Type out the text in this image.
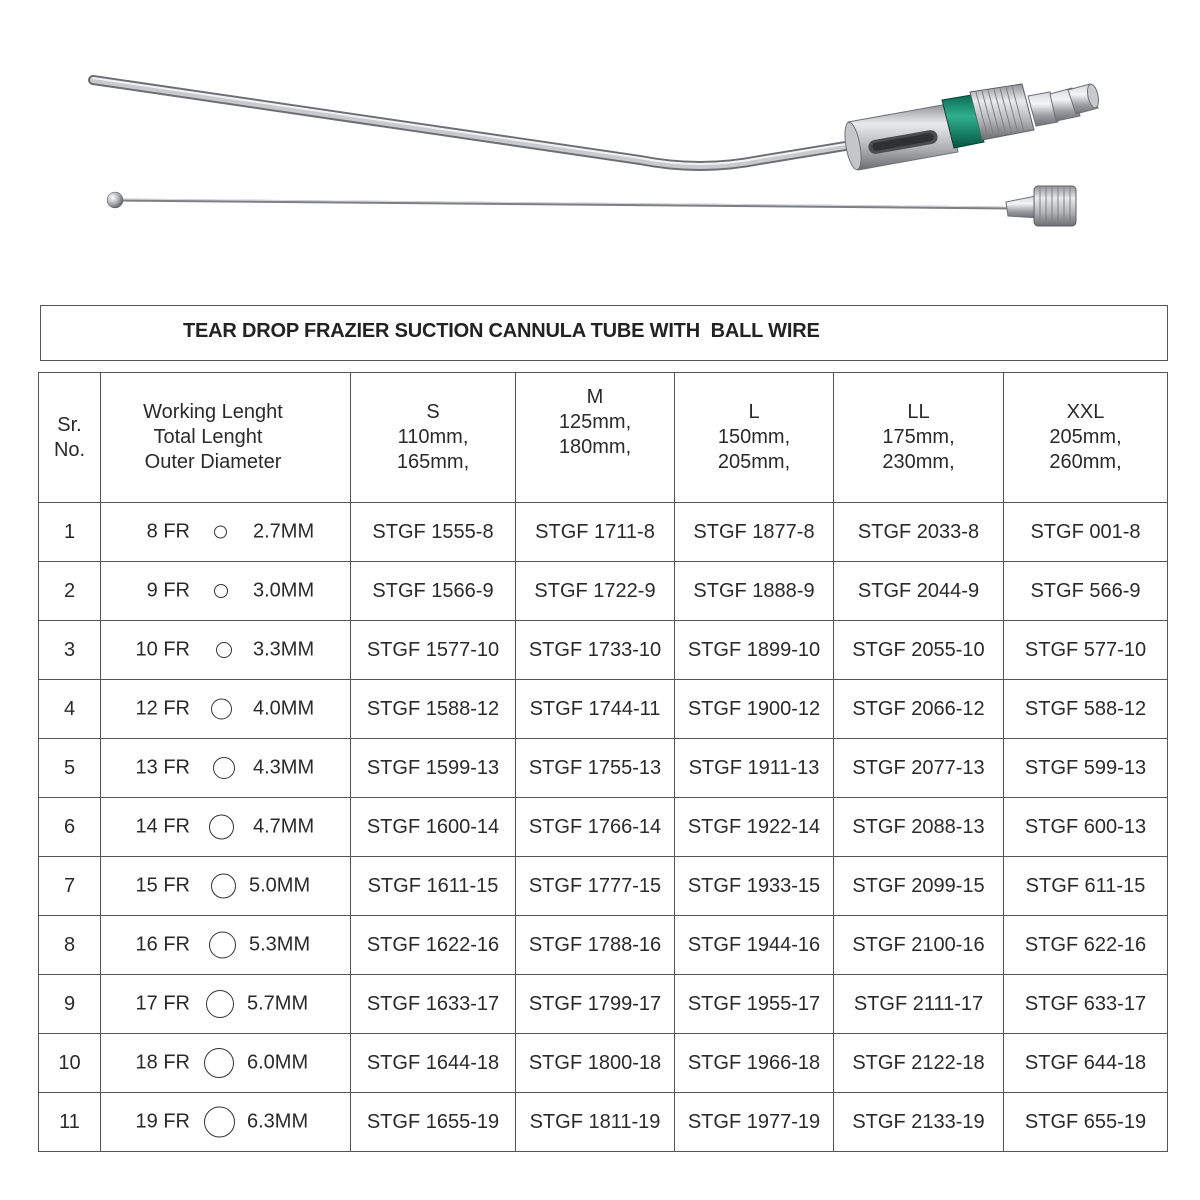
TEAR DROP FRAZIER SUCTION CANNULA TUBE WITH  BALL WIRE
Sr.
No.	Working Lenght
Total Lenght
Outer Diameter	S
110mm,
165mm,	M
125mm,
180mm,	L
150mm,
205mm,	LL
175mm,
230mm,	XXL
205mm,
260mm,

1	8 FR 2.7MM	STGF 1555-8	STGF 1711-8	STGF 1877-8	STGF 2033-8	STGF 001-8
2	9 FR 3.0MM	STGF 1566-9	STGF 1722-9	STGF 1888-9	STGF 2044-9	STGF 566-9
3	10 FR 3.3MM	STGF 1577-10	STGF 1733-10	STGF 1899-10	STGF 2055-10	STGF 577-10
4	12 FR 4.0MM	STGF 1588-12	STGF 1744-11	STGF 1900-12	STGF 2066-12	STGF 588-12
5	13 FR 4.3MM	STGF 1599-13	STGF 1755-13	STGF 1911-13	STGF 2077-13	STGF 599-13
6	14 FR 4.7MM	STGF 1600-14	STGF 1766-14	STGF 1922-14	STGF 2088-13	STGF 600-13
7	15 FR 5.0MM	STGF 1611-15	STGF 1777-15	STGF 1933-15	STGF 2099-15	STGF 611-15
8	16 FR 5.3MM	STGF 1622-16	STGF 1788-16	STGF 1944-16	STGF 2100-16	STGF 622-16
9	17 FR 5.7MM	STGF 1633-17	STGF 1799-17	STGF 1955-17	STGF 2111-17	STGF 633-17
10	18 FR 6.0MM	STGF 1644-18	STGF 1800-18	STGF 1966-18	STGF 2122-18	STGF 644-18
11	19 FR 6.3MM	STGF 1655-19	STGF 1811-19	STGF 1977-19	STGF 2133-19	STGF 655-19
